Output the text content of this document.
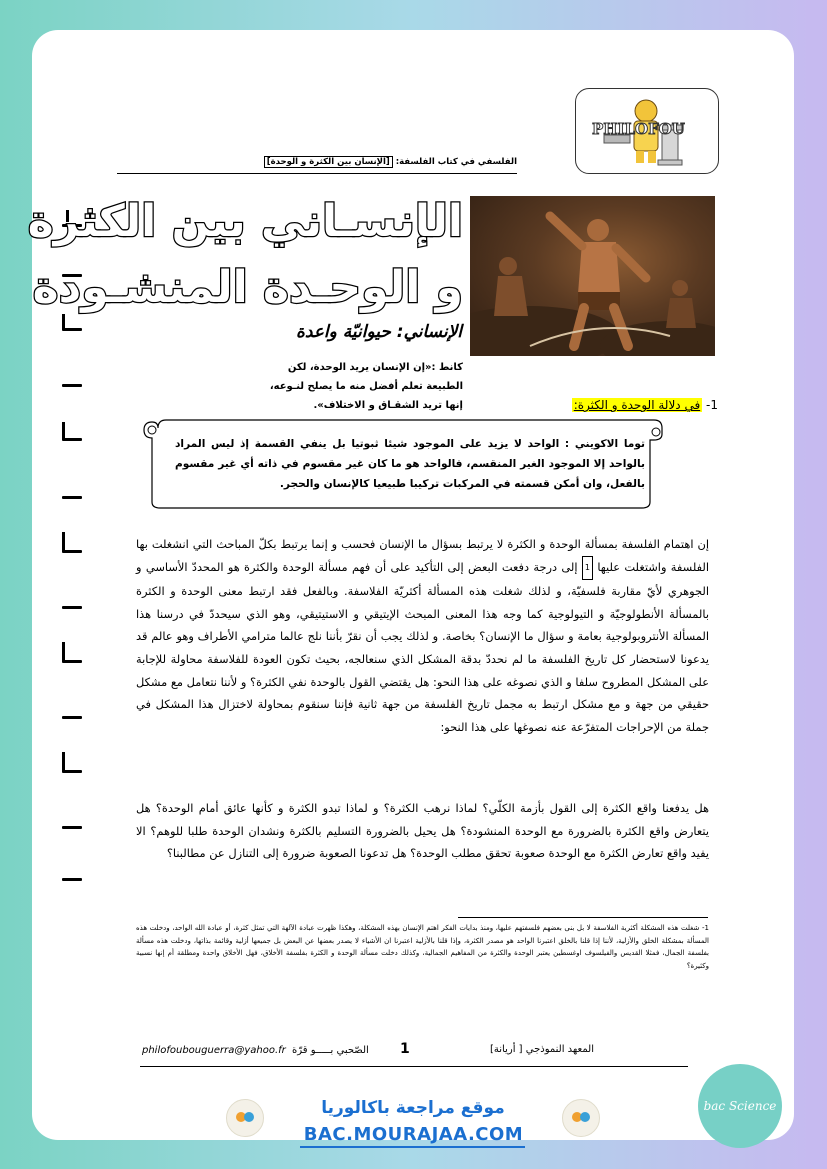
PHILOFOU
الفلسفي في كتاب الفلسفة: [الإنسان بين الكثرة و الوحدة]
الإنسـاني بين الكثرة
و الوحـدة المنشـودة
الإنساني: حيوانيّة واعدة
كانط :«إن الإنسان يريد الوحدة، لكن الطبيعة تعلم أفضل منه ما يصلح لنـوعه، إنها تريد الشقـاق و الاختلاف».	1- في دلالة الوحدة و الكثرة:
توما الاكويني : الواحد لا يزيد على الموجود شيئا ثبوتيا بل ينفي القسمة إذ ليس المراد بالواحد إلا الموجود الغير المنقسم، فالواحد هو ما كان غير مقسوم في ذاته أي غير مقسوم بالفعل، وان أمكن قسمته في المركبات تركيبا طبيعيا كالإنسان والحجر.
إن اهتمام الفلسفة بمسألة الوحدة و الكثرة لا يرتبط بسؤال ما الإنسان فحسب و إنما يرتبط بكلّ المباحث التي انشغلت بها الفلسفة واشتغلت عليها 1 إلى درجة دفعت البعض إلى التأكيد على أن فهم مسألة الوحدة والكثرة هو المحددّ الأساسي و الجوهري لأيّ مقاربة فلسفيّة، و لذلك شغلت هذه المسألة أكثريّة الفلاسفة. وبالفعل فقد ارتبط معنى الوحدة و الكثرة بالمسألة الأنطولوجيّة و التيولوجية كما وجه هذا المعنى المبحث الإيتيقي و الاستيتيقي، وهو الذي سيحددّ في درسنا هذا المسألة الأنتروبولوجية بعامة و سؤال ما الإنسان؟ بخاصة. و لذلك يجب أن نقرّ بأننا نلج عالما مترامي الأطراف وهو عالم قد يدعونا لاستحضار كل تاريخ الفلسفة ما لم نحددّ بدقة المشكل الذي سنعالجه، بحيث تكون العودة للفلاسفة محاولة للإجابة على المشكل المطروح سلفا و الذي نصوغه على هذا النحو: هل يقتضي القول بالوحدة نفي الكثرة؟ و لأننا نتعامل مع مشكل حقيقي من جهة و مع مشكل ارتبط به مجمل تاريخ الفلسفة من جهة ثانية فإننا سنقوم بمحاولة لاختزال هذا المشكل في جملة من الإحراجات المتفرّعة عنه نصوغها على هذا النحو:
هل يدفعنا واقع الكثرة إلى القول بأزمة الكلّي؟ لماذا نرهب الكثرة؟ و لماذا تبدو الكثرة و كأنها عائق أمام الوحدة؟ هل يتعارض واقع الكثرة بالضرورة مع الوحدة المنشودة؟ هل يحيل بالضرورة التسليم بالكثرة ونشدان الوحدة طلبا للوهم؟ الا يفيد واقع تعارض الكثرة مع الوحدة صعوبة تحقق مطلب الوحدة؟ هل تدعونا الصعوبة ضرورة إلى التنازل عن مطالبنا؟
1- شغلت هذه المشكلة أكثرية الفلاسفة لا بل بنى بعضهم فلسفتهم عليها، ومنذ بدايات الفكر اهتم الإنسان بهذه المشكلة، وهكذا ظهرت عبادة الآلهة التي تمثل كثرة، أو عبادة الله الواحد، ودخلت هذه المسألة بمشكلة الخلق والأزلية، لأننا إذا قلنا بالخلق اعتبرنا الواحد هو مصدر الكثرة، وإذا قلنا بالأزلية اعتبرنا ان الأشياء لا يصدر بعضها عن البعض بل جميعها أزلية وقائمة بذاتها، ودخلت هذه مسألة بفلسفة الجمال، فمثلا القديس والفيلسوف اوغسطين يعتبر الوحدة والكثرة من المفاهيم الجمالية، وكذلك دخلت مسألة الوحدة و الكثرة بفلسفة الأخلاق، فهل الأخلاق واحدة ومطلقة أم إنها نسبية وكثيرة؟
philofoubouguerra@yahoo.fr الصّحبي بـــــو قرّة 1	المعهد النموذجي [ أريانة]
bac Science
موقع مراجعة باكالوريا
BAC.MOURAJAA.COM
